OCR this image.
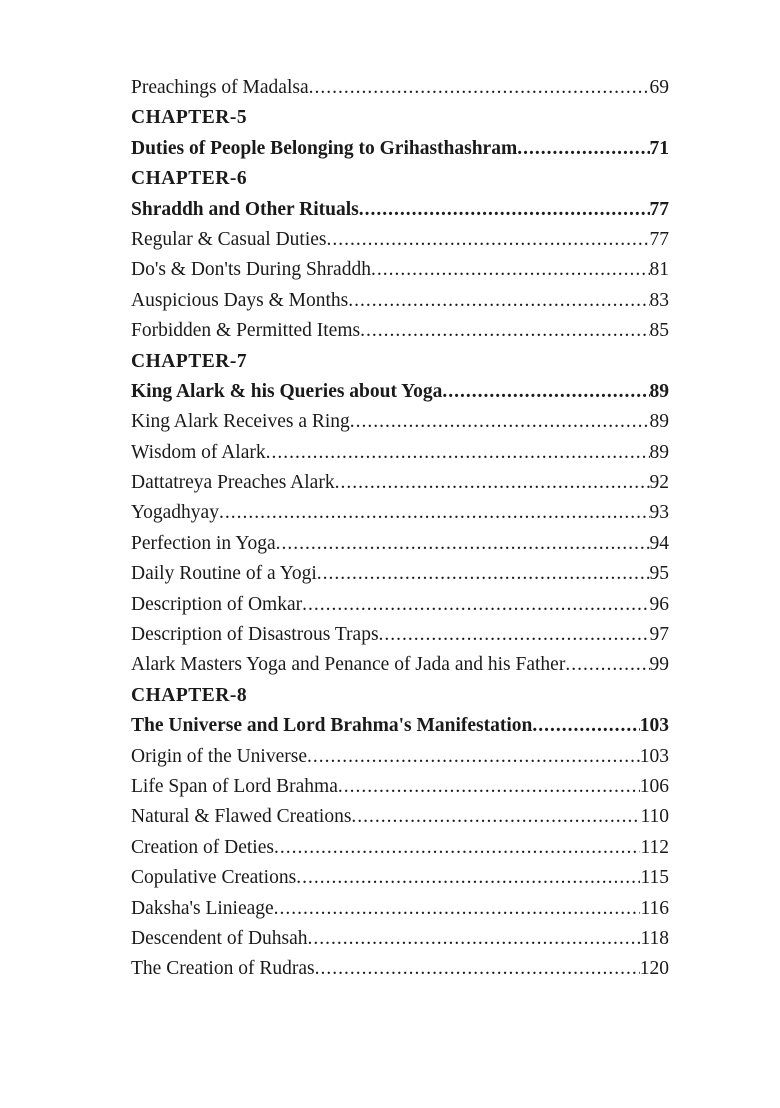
Preachings of Madalsa .....	69
CHAPTER-5
Duties of People Belonging to Grihasthashram .....	71
CHAPTER-6
Shraddh and Other Rituals .....	77
Regular & Casual Duties .....	77
Do's & Don'ts During Shraddh .....	81
Auspicious Days & Months .....	83
Forbidden & Permitted Items .....	85
CHAPTER-7
King Alark & his Queries about Yoga .....	89
King Alark Receives a Ring .....	89
Wisdom of Alark .....	89
Dattatreya Preaches Alark .....	92
Yogadhyay .....	93
Perfection in Yoga .....	94
Daily Routine of a Yogi .....	95
Description of Omkar .....	96
Description of Disastrous Traps .....	97
Alark Masters Yoga and Penance of Jada and his Father .....	99
CHAPTER-8
The Universe and Lord Brahma's Manifestation .....	103
Origin of the Universe .....	103
Life Span of Lord Brahma .....	106
Natural & Flawed Creations .....	110
Creation of Deties .....	112
Copulative Creations .....	115
Daksha's Linieage .....	116
Descendent of Duhsah .....	118
The Creation of Rudras .....	120
